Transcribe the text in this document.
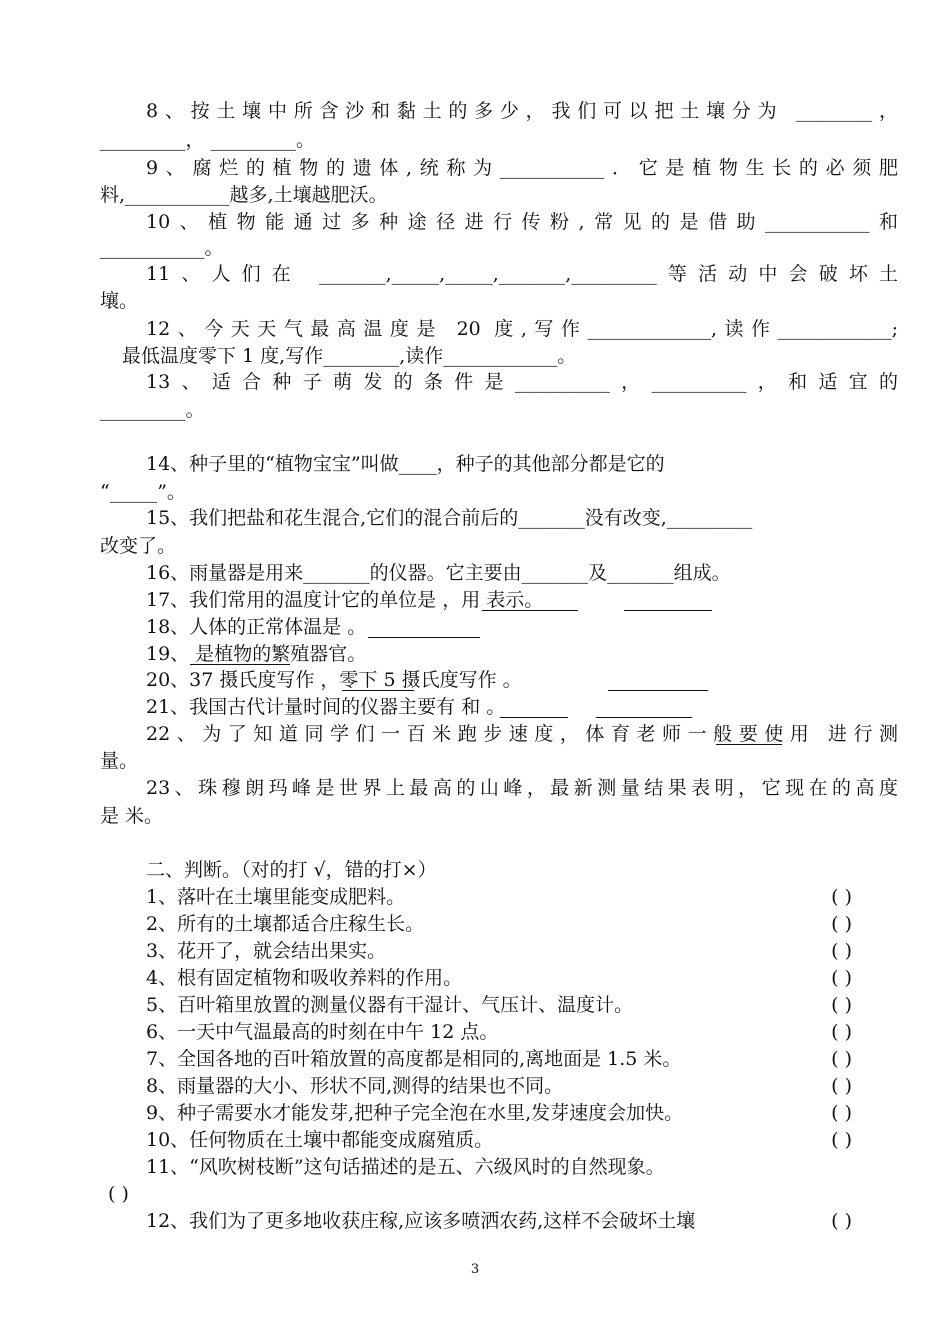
8、按土壤中所含沙和黏土的多少，我们可以把土壤分为 ________，
_________， _________。
9、腐烂的植物的遗体,统称为___________．它是植物生长的必须肥
料,___________越多,土壤越肥沃。
10、植物能通过多种途径进行传粉,常见的是借助___________和
___________。
11、人们在 _______,_____,_____,_______,_________等活动中会破坏土
壤。
12、今天天气最高温度是 20 度,写作_____________,读作____________;
最低温度零下 1 度,写作________,读作____________。
13、适合种子萌发的条件是__________，__________，和适宜的
_________。
14、种子里的“植物宝宝”叫做____，种子的其他部分都是它的
“_____”。
15、我们把盐和花生混合,它们的混合前后的_______没有改变,_________
改变了。
16、雨量器是用来_______的仪器。它主要由_______及_______组成。
17、我们常用的温度计它的单位是 ，用 表示。
18、人体的正常体温是 。
19、 是植物的繁殖器官。
20、37 摄氏度写作 ，零下 5 摄氏度写作 。
21、我国古代计量时间的仪器主要有 和 。
22、为了知道同学们一百米跑步速度，体育老师一般要使用 进行测
量。
23、珠穆朗玛峰是世界上最高的山峰，最新测量结果表明，它现在的高度
是 米。
二、判断。（对的打 √，错的打×）
1、落叶在土壤里能变成肥料。	( )
2、所有的土壤都适合庄稼生长。	( )
3、花开了，就会结出果实。	( )
4、根有固定植物和吸收养料的作用。	( )
5、百叶箱里放置的测量仪器有干湿计、气压计、温度计。	( )
6、一天中气温最高的时刻在中午 12 点。	( )
7、全国各地的百叶箱放置的高度都是相同的,离地面是 1.5 米。	( )
8、雨量器的大小、形状不同,测得的结果也不同。	( )
9、种子需要水才能发芽,把种子完全泡在水里,发芽速度会加快。	( )
10、任何物质在土壤中都能变成腐殖质。	( )
11、“风吹树枝断”这句话描述的是五、六级风时的自然现象。
( )
12、我们为了更多地收获庄稼,应该多喷洒农药,这样不会破坏土壤	( )
3
